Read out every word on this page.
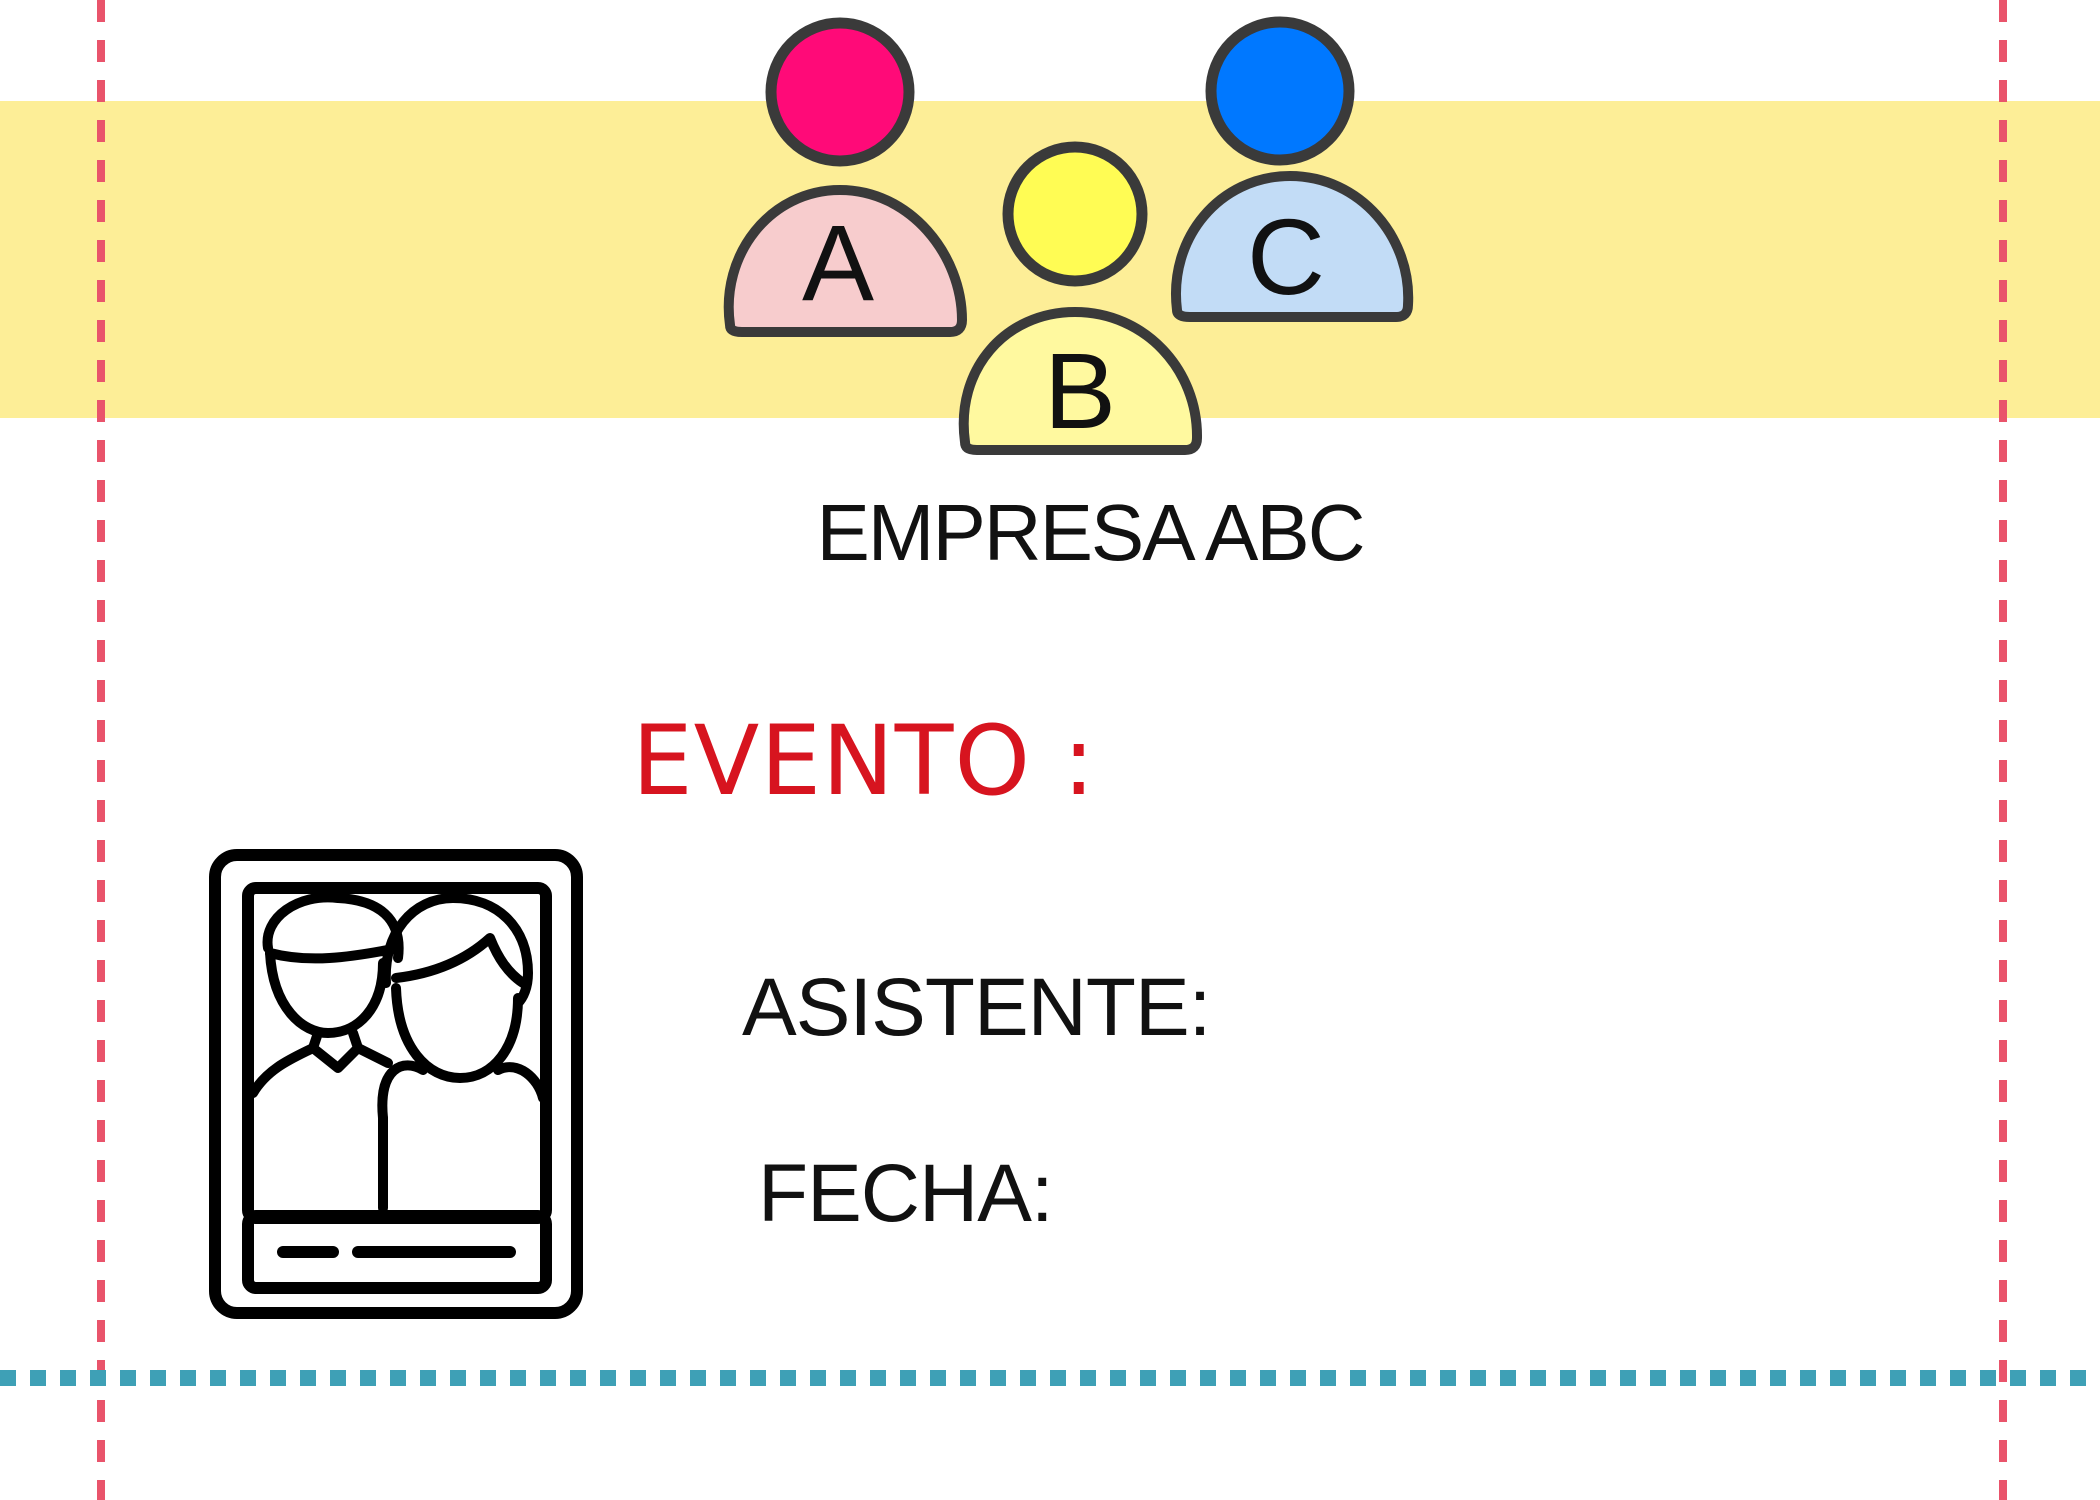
A
B
C
EMPRESA ABC
EVENTO :
ASISTENTE:
FECHA:
